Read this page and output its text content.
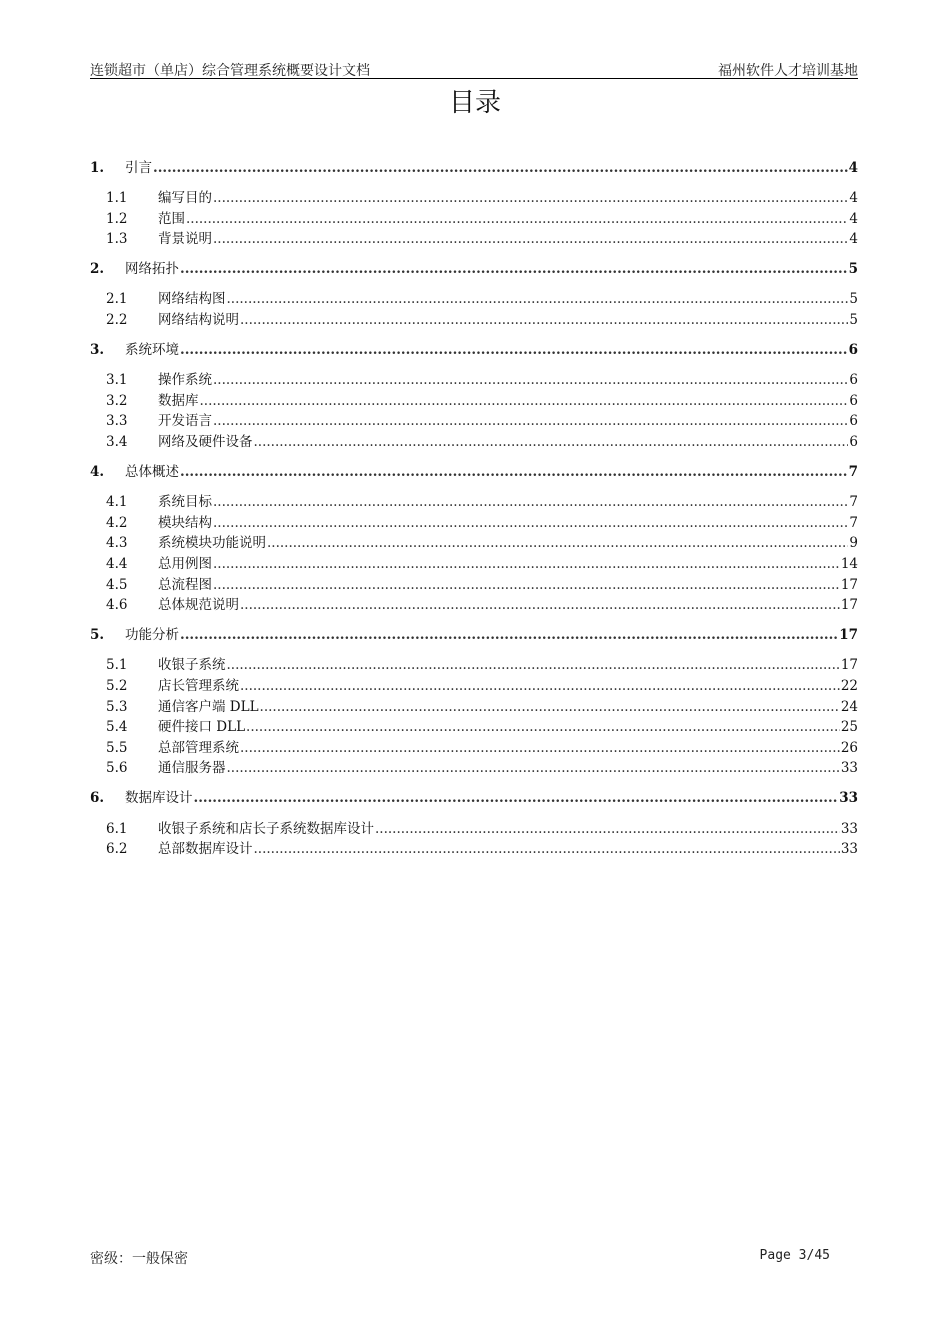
连锁超市（单店）综合管理系统概要设计文档	福州软件人才培训基地
目录
1.	引言 .....	4
1.1	编写目的 .....	4
1.2	范围 .....	4
1.3	背景说明 .....	4
2.	网络拓扑 .....	5
2.1	网络结构图 .....	5
2.2	网络结构说明 .....	5
3.	系统环境 .....	6
3.1	操作系统 .....	6
3.2	数据库 .....	6
3.3	开发语言 .....	6
3.4	网络及硬件设备 .....	6
4.	总体概述 .....	7
4.1	系统目标 .....	7
4.2	模块结构 .....	7
4.3	系统模块功能说明 .....	9
4.4	总用例图 .....	14
4.5	总流程图 .....	17
4.6	总体规范说明 .....	17
5.	功能分析 .....	17
5.1	收银子系统 .....	17
5.2	店长管理系统 .....	22
5.3	通信客户端 DLL .....	24
5.4	硬件接口 DLL .....	25
5.5	总部管理系统 .....	26
5.6	通信服务器 .....	33
6.	数据库设计 .....	33
6.1	收银子系统和店长子系统数据库设计 .....	33
6.2	总部数据库设计 .....	33
密级：一般保密	Page 3/45
